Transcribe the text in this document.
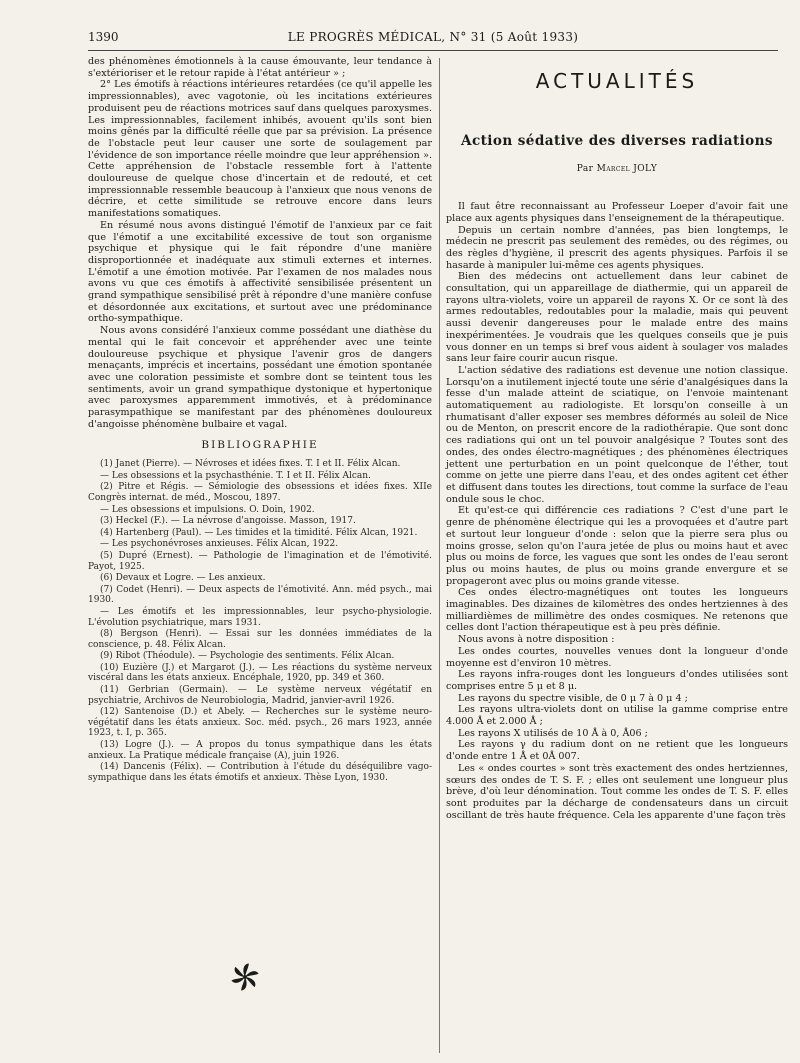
1390	LE PROGRÈS MÉDICAL, N° 31 (5 Août 1933)

des phénomènes émotionnels à la cause émouvante, leur tendance à s'extérioriser et le retour rapide à l'état antérieur » ;

2° Les émotifs à réactions intérieures retardées (ce qu'il appelle les impressionnables), avec vagotonie, où les incitations extérieures produisent peu de réactions motrices sauf dans quelques paroxysmes. Les impressionnables, facilement inhibés, avouent qu'ils sont bien moins gênés par la difficulté réelle que par sa prévision. La présence de l'obstacle peut leur causer une sorte de soulagement par l'évidence de son importance réelle moindre que leur appréhension ». Cette appréhension de l'obstacle ressemble fort à l'attente douloureuse de quelque chose d'incertain et de redouté, et cet impressionnable ressemble beaucoup à l'anxieux que nous venons de décrire, et cette similitude se retrouve encore dans leurs manifestations somatiques.

En résumé nous avons distingué l'émotif de l'anxieux par ce fait que l'émotif a une excitabilité excessive de tout son organisme psychique et physique qui le fait répondre d'une manière disproportionnée et inadéquate aux stimuli externes et internes. L'émotif a une émotion motivée. Par l'examen de nos malades nous avons vu que ces émotifs à affectivité sensibilisée présentent un grand sympathique sensibilisé prêt à répondre d'une manière confuse et désordonnée aux excitations, et surtout avec une prédominance ortho-sympathique.

Nous avons considéré l'anxieux comme possédant une diathèse du mental qui le fait concevoir et appréhender avec une teinte douloureuse psychique et physique l'avenir gros de dangers menaçants, imprécis et incertains, possédant une émotion spontanée avec une coloration pessimiste et sombre dont se teintent tous les sentiments, avoir un grand sympathique dystonique et hypertonique avec paroxysmes apparemment immotivés, et à prédominance parasympathique se manifestant par des phénomènes douloureux d'angoisse phénomène bulbaire et vagal.

BIBLIOGRAPHIE

(1) Janet (Pierre). — Névroses et idées fixes. T. I et II. Félix Alcan.

— Les obsessions et la psychasthénie. T. I et II. Félix Alcan.

(2) Pitre et Régis. — Sémiologie des obsessions et idées fixes. XIIe Congrès internat. de méd., Moscou, 1897.

— Les obsessions et impulsions. O. Doin, 1902.

(3) Heckel (F.). — La névrose d'angoisse. Masson, 1917.

(4) Hartenberg (Paul). — Les timides et la timidité. Félix Alcan, 1921.

— Les psychonévroses anxieuses. Félix Alcan, 1922.

(5) Dupré (Ernest). — Pathologie de l'imagination et de l'émotivité. Payot, 1925.

(6) Devaux et Logre. — Les anxieux.

(7) Codet (Henri). — Deux aspects de l'émotivité. Ann. méd psych., mai 1930.

— Les émotifs et les impressionnables, leur psycho-physiologie. L'évolution psychiatrique, mars 1931.

(8) Bergson (Henri). — Essai sur les données immédiates de la conscience, p. 48. Félix Alcan.

(9) Ribot (Théodule). — Psychologie des sentiments. Félix Alcan.

(10) Euzière (J.) et Margarot (J.). — Les réactions du système nerveux viscéral dans les états anxieux. Encéphale, 1920, pp. 349 et 360.

(11) Gerbrian (Germain). — Le système nerveux végétatif en psychiatrie, Archivos de Neurobiologia, Madrid, janvier-avril 1926.

(12) Santenoise (D.) et Abely. — Recherches sur le système neuro-végétatif dans les états anxieux. Soc. méd. psych., 26 mars 1923, année 1923, t. I, p. 365.

(13) Logre (J.). — A propos du tonus sympathique dans les états anxieux. La Pratique médicale française (A), juin 1926.

(14) Dancenis (Félix). — Contribution à l'étude du déséquilibre vago-sympathique dans les états émotifs et anxieux. Thèse Lyon, 1930.

ACTUALITÉS
Action sédative des diverses radiations
Par Marcel JOLY

Il faut être reconnaissant au Professeur Loeper d'avoir fait une place aux agents physiques dans l'enseignement de la thérapeutique.

Depuis un certain nombre d'années, pas bien longtemps, le médecin ne prescrit pas seulement des remèdes, ou des régimes, ou des règles d'hygiène, il prescrit des agents physiques. Parfois il se hasarde à manipuler lui-même ces agents physiques.

Bien des médecins ont actuellement dans leur cabinet de consultation, qui un appareillage de diathermie, qui un appareil de rayons ultra-violets, voire un appareil de rayons X. Or ce sont là des armes redoutables, redoutables pour la maladie, mais qui peuvent aussi devenir dangereuses pour le malade entre des mains inexpérimentées. Je voudrais que les quelques conseils que je puis vous donner en un temps si bref vous aident à soulager vos malades sans leur faire courir aucun risque.

L'action sédative des radiations est devenue une notion classique. Lorsqu'on a inutilement injecté toute une série d'analgésiques dans la fesse d'un malade atteint de sciatique, on l'envoie maintenant automatiquement au radiologiste. Et lorsqu'on conseille à un rhumatisant d'aller exposer ses membres déformés au soleil de Nice ou de Menton, on prescrit encore de la radiothérapie. Que sont donc ces radiations qui ont un tel pouvoir analgésique ? Toutes sont des ondes, des ondes électro-magnétiques ; des phénomènes électriques jettent une perturbation en un point quelconque de l'éther, tout comme on jette une pierre dans l'eau, et des ondes agitent cet éther et diffusent dans toutes les directions, tout comme la surface de l'eau ondule sous le choc.

Et qu'est-ce qui différencie ces radiations ? C'est d'une part le genre de phénomène électrique qui les a provoquées et d'autre part et surtout leur longueur d'onde : selon que la pierre sera plus ou moins grosse, selon qu'on l'aura jetée de plus ou moins haut et avec plus ou moins de force, les vagues que sont les ondes de l'eau seront plus ou moins hautes, de plus ou moins grande envergure et se propageront avec plus ou moins grande vitesse.

Ces ondes électro-magnétiques ont toutes les longueurs imaginables. Des dizaines de kilomètres des ondes hertziennes à des milliardièmes de millimètre des ondes cosmiques. Ne retenons que celles dont l'action thérapeutique est à peu près définie.

Nous avons à notre disposition :

Les ondes courtes, nouvelles venues dont la longueur d'onde moyenne est d'environ 10 mètres.

Les rayons infra-rouges dont les longueurs d'ondes utilisées sont comprises entre 5 μ et 8 μ.

Les rayons du spectre visible, de 0 μ 7 à 0 μ 4 ;

Les rayons ultra-violets dont on utilise la gamme comprise entre 4.000 Å et 2.000 Å ;

Les rayons X utilisés de 10 Å à 0, Å06 ;

Les rayons γ du radium dont on ne retient que les longueurs d'onde entre 1 Å et 0Å 007.

Les « ondes courtes » sont très exactement des ondes hertziennes, sœurs des ondes de T. S. F. ; elles ont seulement une longueur plus brève, d'où leur dénomination. Tout comme les ondes de T. S. F. elles sont produites par la décharge de condensateurs dans un circuit oscillant de très haute fréquence. Cela les apparente d'une façon très
